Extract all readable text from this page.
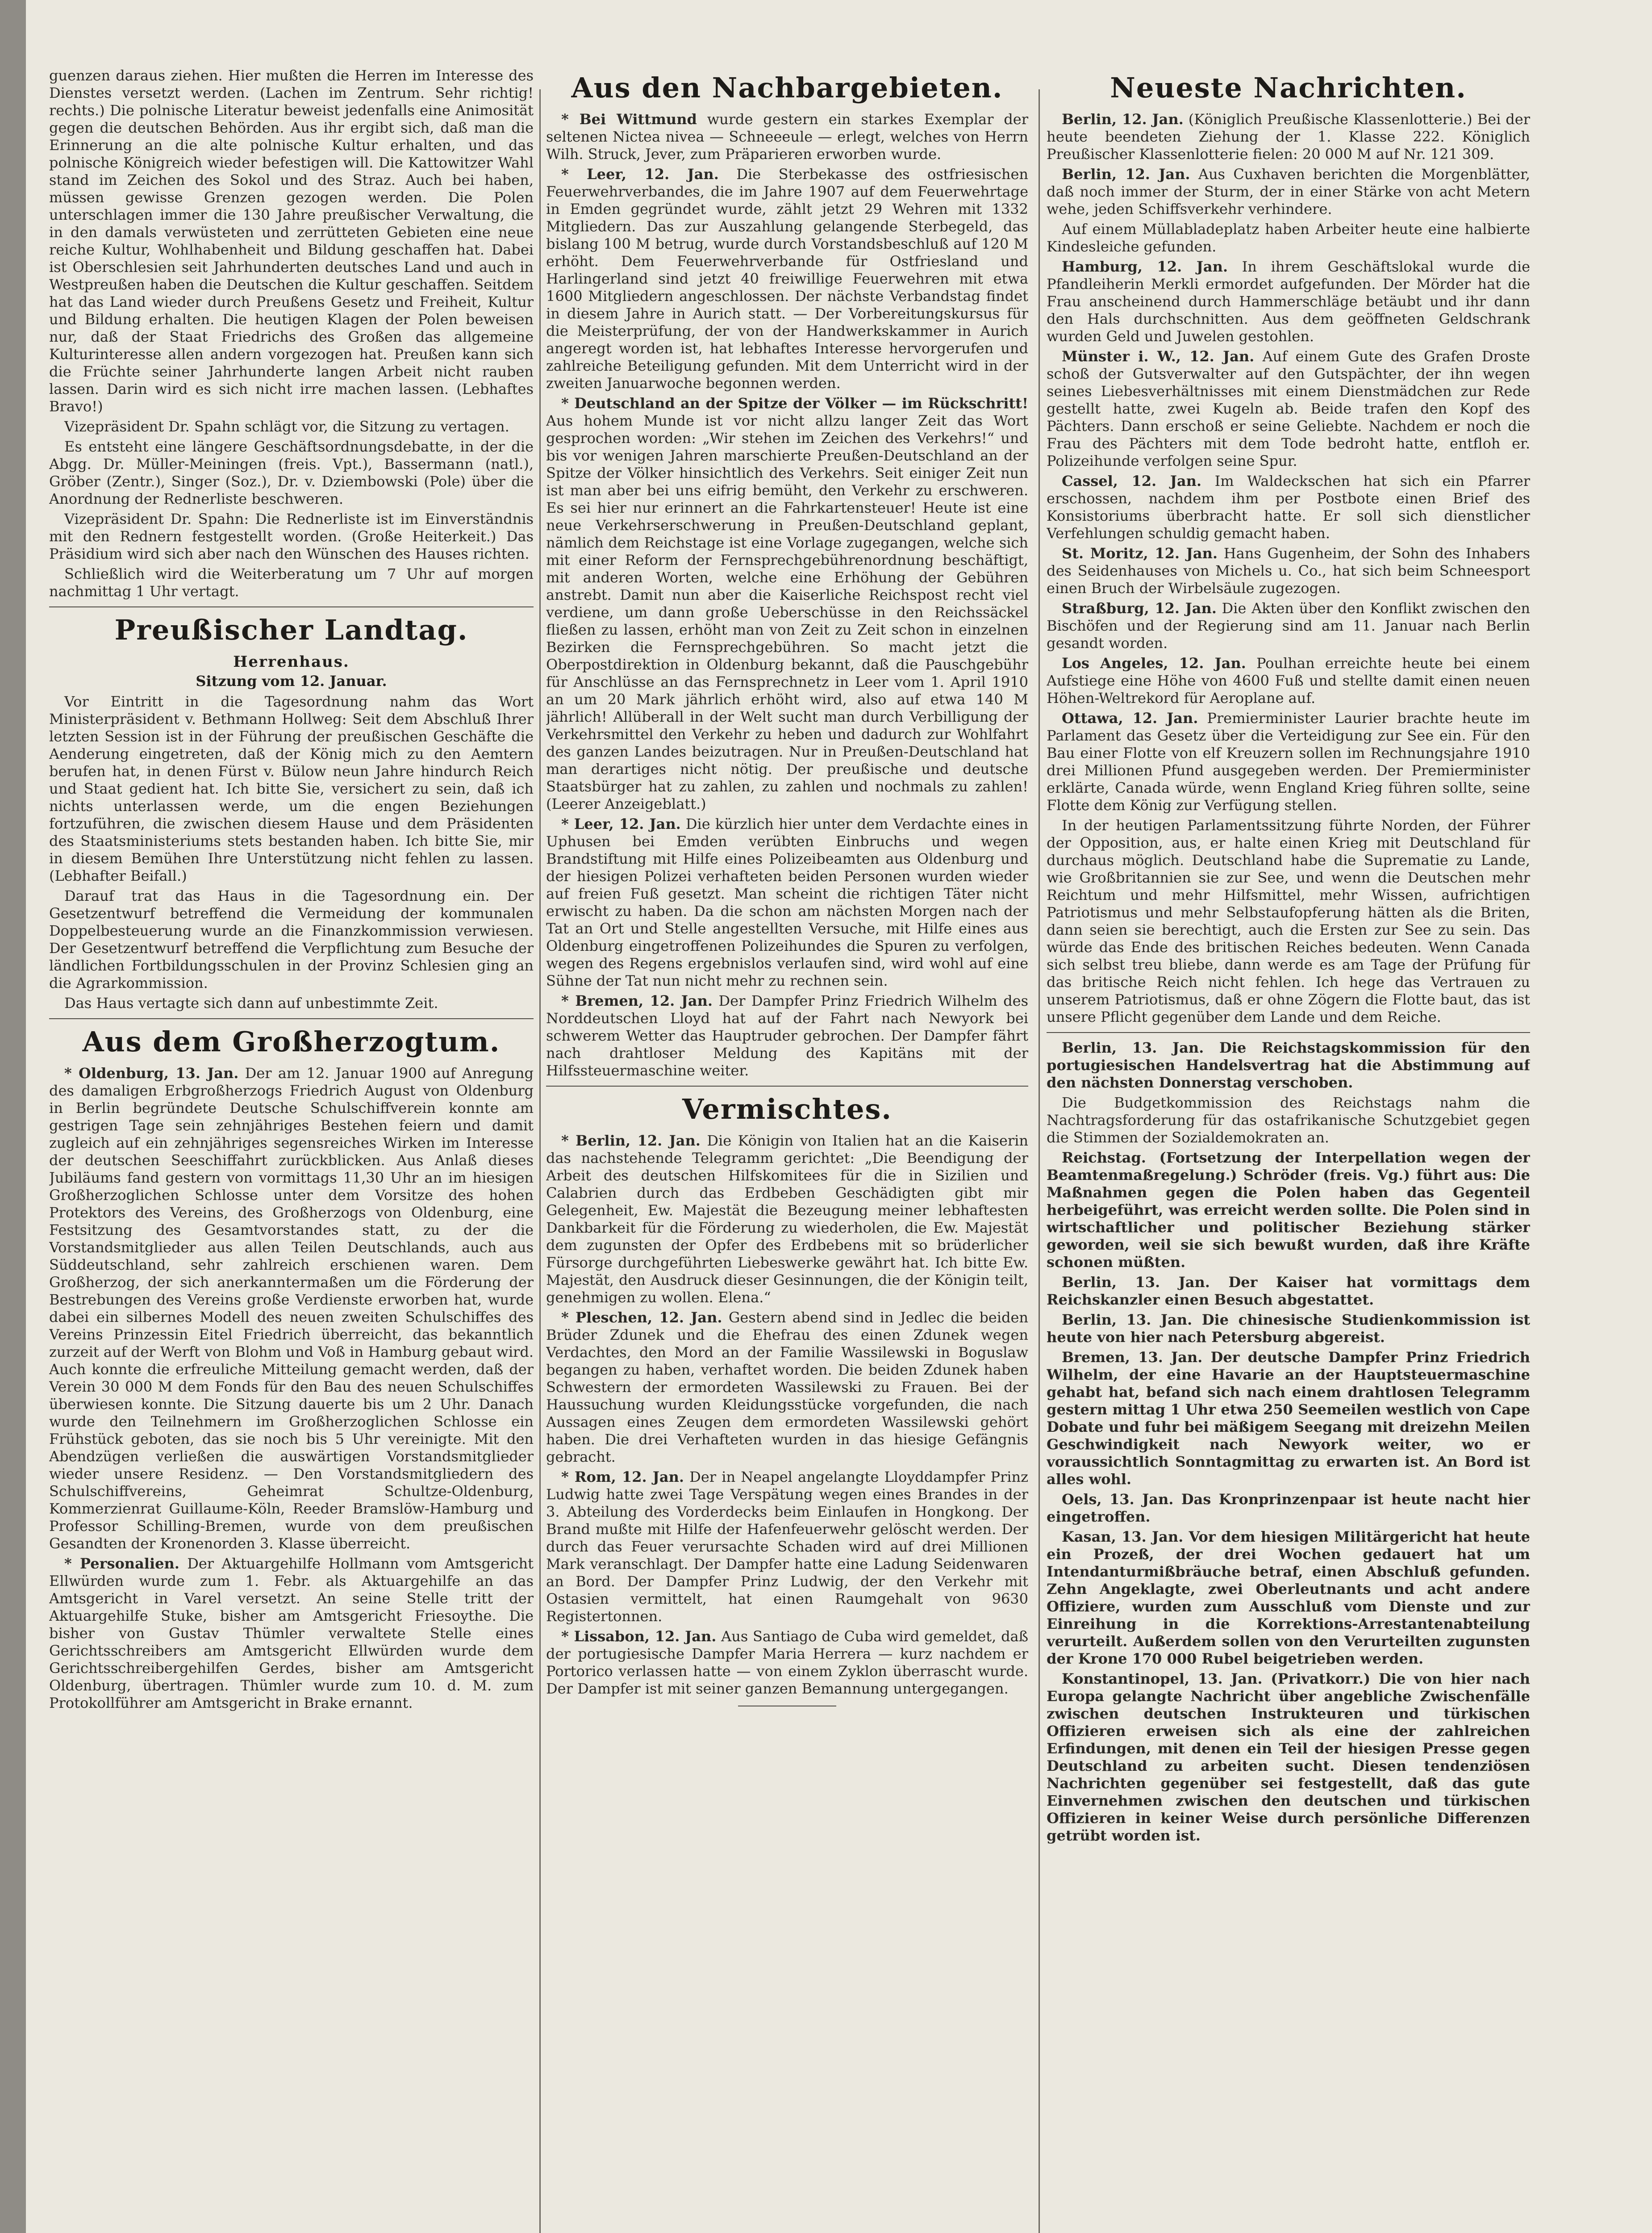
guenzen daraus ziehen. Hier mußten die Herren im Interesse des Dienstes versetzt werden. (Lachen im Zentrum. Sehr richtig! rechts.) Die polnische Literatur beweist jedenfalls eine Animosität gegen die deutschen Behörden. Aus ihr ergibt sich, daß man die Erinnerung an die alte polnische Kultur erhalten, und das polnische Königreich wieder befestigen will. Die Kattowitzer Wahl stand im Zeichen des Sokol und des Straz. Auch bei haben, müssen gewisse Grenzen gezogen werden. Die Polen unterschlagen immer die 130 Jahre preußischer Verwaltung, die in den damals verwüsteten und zerrütteten Gebieten eine neue reiche Kultur, Wohlhabenheit und Bildung geschaffen hat. Dabei ist Oberschlesien seit Jahrhunderten deutsches Land und auch in Westpreußen haben die Deutschen die Kultur geschaffen. Seitdem hat das Land wieder durch Preußens Gesetz und Freiheit, Kultur und Bildung erhalten. Die heutigen Klagen der Polen beweisen nur, daß der Staat Friedrichs des Großen das allgemeine Kulturinteresse allen andern vorgezogen hat. Preußen kann sich die Früchte seiner Jahrhunderte langen Arbeit nicht rauben lassen. Darin wird es sich nicht irre machen lassen. (Lebhaftes Bravo!)

Vizepräsident Dr. Spahn schlägt vor, die Sitzung zu vertagen.

Es entsteht eine längere Geschäftsordnungsdebatte, in der die Abgg. Dr. Müller-Meiningen (freis. Vpt.), Bassermann (natl.), Gröber (Zentr.), Singer (Soz.), Dr. v. Dziembowski (Pole) über die Anordnung der Rednerliste beschweren.

Vizepräsident Dr. Spahn: Die Rednerliste ist im Einverständnis mit den Rednern festgestellt worden. (Große Heiterkeit.) Das Präsidium wird sich aber nach den Wünschen des Hauses richten.

Schließlich wird die Weiterberatung um 7 Uhr auf morgen nachmittag 1 Uhr vertagt.

Preußischer Landtag.
Herrenhaus.
Sitzung vom 12. Januar.

Vor Eintritt in die Tagesordnung nahm das Wort Ministerpräsident v. Bethmann Hollweg: Seit dem Abschluß Ihrer letzten Session ist in der Führung der preußischen Geschäfte die Aenderung eingetreten, daß der König mich zu den Aemtern berufen hat, in denen Fürst v. Bülow neun Jahre hindurch Reich und Staat gedient hat. Ich bitte Sie, versichert zu sein, daß ich nichts unterlassen werde, um die engen Beziehungen fortzuführen, die zwischen diesem Hause und dem Präsidenten des Staatsministeriums stets bestanden haben. Ich bitte Sie, mir in diesem Bemühen Ihre Unterstützung nicht fehlen zu lassen. (Lebhafter Beifall.)

Darauf trat das Haus in die Tagesordnung ein. Der Gesetzentwurf betreffend die Vermeidung der kommunalen Doppelbesteuerung wurde an die Finanzkommission verwiesen. Der Gesetzentwurf betreffend die Verpflichtung zum Besuche der ländlichen Fortbildungsschulen in der Provinz Schlesien ging an die Agrarkommission.

Das Haus vertagte sich dann auf unbestimmte Zeit.

Aus dem Großherzogtum.

* Oldenburg, 13. Jan. Der am 12. Januar 1900 auf Anregung des damaligen Erbgroßherzogs Friedrich August von Oldenburg in Berlin begründete Deutsche Schulschiffverein konnte am gestrigen Tage sein zehnjähriges Bestehen feiern und damit zugleich auf ein zehnjähriges segensreiches Wirken im Interesse der deutschen Seeschiffahrt zurückblicken. Aus Anlaß dieses Jubiläums fand gestern von vormittags 11,30 Uhr an im hiesigen Großherzoglichen Schlosse unter dem Vorsitze des hohen Protektors des Vereins, des Großherzogs von Oldenburg, eine Festsitzung des Gesamtvorstandes statt, zu der die Vorstandsmitglieder aus allen Teilen Deutschlands, auch aus Süddeutschland, sehr zahlreich erschienen waren. Dem Großherzog, der sich anerkanntermaßen um die Förderung der Bestrebungen des Vereins große Verdienste erworben hat, wurde dabei ein silbernes Modell des neuen zweiten Schulschiffes des Vereins Prinzessin Eitel Friedrich überreicht, das bekanntlich zurzeit auf der Werft von Blohm und Voß in Hamburg gebaut wird. Auch konnte die erfreuliche Mitteilung gemacht werden, daß der Verein 30 000 M dem Fonds für den Bau des neuen Schulschiffes überwiesen konnte. Die Sitzung dauerte bis um 2 Uhr. Danach wurde den Teilnehmern im Großherzoglichen Schlosse ein Frühstück geboten, das sie noch bis 5 Uhr vereinigte. Mit den Abendzügen verließen die auswärtigen Vorstandsmitglieder wieder unsere Residenz. — Den Vorstandsmitgliedern des Schulschiffvereins, Geheimrat Schultze-Oldenburg, Kommerzienrat Guillaume-Köln, Reeder Bramslöw-Hamburg und Professor Schilling-Bremen, wurde von dem preußischen Gesandten der Kronenorden 3. Klasse überreicht.

* Personalien. Der Aktuargehilfe Hollmann vom Amtsgericht Ellwürden wurde zum 1. Febr. als Aktuargehilfe an das Amtsgericht in Varel versetzt. An seine Stelle tritt der Aktuargehilfe Stuke, bisher am Amtsgericht Friesoythe. Die bisher von Gustav Thümler verwaltete Stelle eines Gerichtsschreibers am Amtsgericht Ellwürden wurde dem Gerichtsschreibergehilfen Gerdes, bisher am Amtsgericht Oldenburg, übertragen. Thümler wurde zum 10. d. M. zum Protokollführer am Amtsgericht in Brake ernannt.

Aus den Nachbargebieten.

* Bei Wittmund wurde gestern ein starkes Exemplar der seltenen Nictea nivea — Schneeeule — erlegt, welches von Herrn Wilh. Struck, Jever, zum Präparieren erworben wurde.

* Leer, 12. Jan. Die Sterbekasse des ostfriesischen Feuerwehrverbandes, die im Jahre 1907 auf dem Feuerwehrtage in Emden gegründet wurde, zählt jetzt 29 Wehren mit 1332 Mitgliedern. Das zur Auszahlung gelangende Sterbegeld, das bislang 100 M betrug, wurde durch Vorstandsbeschluß auf 120 M erhöht. Dem Feuerwehrverbande für Ostfriesland und Harlingerland sind jetzt 40 freiwillige Feuerwehren mit etwa 1600 Mitgliedern angeschlossen. Der nächste Verbandstag findet in diesem Jahre in Aurich statt. — Der Vorbereitungskursus für die Meisterprüfung, der von der Handwerkskammer in Aurich angeregt worden ist, hat lebhaftes Interesse hervorgerufen und zahlreiche Beteiligung gefunden. Mit dem Unterricht wird in der zweiten Januarwoche begonnen werden.

* Deutschland an der Spitze der Völker — im Rückschritt! Aus hohem Munde ist vor nicht allzu langer Zeit das Wort gesprochen worden: „Wir stehen im Zeichen des Verkehrs!“ und bis vor wenigen Jahren marschierte Preußen-Deutschland an der Spitze der Völker hinsichtlich des Verkehrs. Seit einiger Zeit nun ist man aber bei uns eifrig bemüht, den Verkehr zu erschweren. Es sei hier nur erinnert an die Fahrkartensteuer! Heute ist eine neue Verkehrserschwerung in Preußen-Deutschland geplant, nämlich dem Reichstage ist eine Vorlage zugegangen, welche sich mit einer Reform der Fernsprechgebührenordnung beschäftigt, mit anderen Worten, welche eine Erhöhung der Gebühren anstrebt. Damit nun aber die Kaiserliche Reichspost recht viel verdiene, um dann große Ueberschüsse in den Reichssäckel fließen zu lassen, erhöht man von Zeit zu Zeit schon in einzelnen Bezirken die Fernsprechgebühren. So macht jetzt die Oberpostdirektion in Oldenburg bekannt, daß die Pauschgebühr für Anschlüsse an das Fernsprechnetz in Leer vom 1. April 1910 an um 20 Mark jährlich erhöht wird, also auf etwa 140 M jährlich! Allüberall in der Welt sucht man durch Verbilligung der Verkehrsmittel den Verkehr zu heben und dadurch zur Wohlfahrt des ganzen Landes beizutragen. Nur in Preußen-Deutschland hat man derartiges nicht nötig. Der preußische und deutsche Staatsbürger hat zu zahlen, zu zahlen und nochmals zu zahlen! (Leerer Anzeigeblatt.)

* Leer, 12. Jan. Die kürzlich hier unter dem Verdachte eines in Uphusen bei Emden verübten Einbruchs und wegen Brandstiftung mit Hilfe eines Polizeibeamten aus Oldenburg und der hiesigen Polizei verhafteten beiden Personen wurden wieder auf freien Fuß gesetzt. Man scheint die richtigen Täter nicht erwischt zu haben. Da die schon am nächsten Morgen nach der Tat an Ort und Stelle angestellten Versuche, mit Hilfe eines aus Oldenburg eingetroffenen Polizeihundes die Spuren zu verfolgen, wegen des Regens ergebnislos verlaufen sind, wird wohl auf eine Sühne der Tat nun nicht mehr zu rechnen sein.

* Bremen, 12. Jan. Der Dampfer Prinz Friedrich Wilhelm des Norddeutschen Lloyd hat auf der Fahrt nach Newyork bei schwerem Wetter das Hauptruder gebrochen. Der Dampfer fährt nach drahtloser Meldung des Kapitäns mit der Hilfssteuermaschine weiter.

Vermischtes.

* Berlin, 12. Jan. Die Königin von Italien hat an die Kaiserin das nachstehende Telegramm gerichtet: „Die Beendigung der Arbeit des deutschen Hilfskomitees für die in Sizilien und Calabrien durch das Erdbeben Geschädigten gibt mir Gelegenheit, Ew. Majestät die Bezeugung meiner lebhaftesten Dankbarkeit für die Förderung zu wiederholen, die Ew. Majestät dem zugunsten der Opfer des Erdbebens mit so brüderlicher Fürsorge durchgeführten Liebeswerke gewährt hat. Ich bitte Ew. Majestät, den Ausdruck dieser Gesinnungen, die der Königin teilt, genehmigen zu wollen. Elena.“

* Pleschen, 12. Jan. Gestern abend sind in Jedlec die beiden Brüder Zdunek und die Ehefrau des einen Zdunek wegen Verdachtes, den Mord an der Familie Wassilewski in Boguslaw begangen zu haben, verhaftet worden. Die beiden Zdunek haben Schwestern der ermordeten Wassilewski zu Frauen. Bei der Haussuchung wurden Kleidungsstücke vorgefunden, die nach Aussagen eines Zeugen dem ermordeten Wassilewski gehört haben. Die drei Verhafteten wurden in das hiesige Gefängnis gebracht.

* Rom, 12. Jan. Der in Neapel angelangte Lloyddampfer Prinz Ludwig hatte zwei Tage Verspätung wegen eines Brandes in der 3. Abteilung des Vorderdecks beim Einlaufen in Hongkong. Der Brand mußte mit Hilfe der Hafenfeuerwehr gelöscht werden. Der durch das Feuer verursachte Schaden wird auf drei Millionen Mark veranschlagt. Der Dampfer hatte eine Ladung Seidenwaren an Bord. Der Dampfer Prinz Ludwig, der den Verkehr mit Ostasien vermittelt, hat einen Raumgehalt von 9630 Registertonnen.

* Lissabon, 12. Jan. Aus Santiago de Cuba wird gemeldet, daß der portugiesische Dampfer Maria Herrera — kurz nachdem er Portorico verlassen hatte — von einem Zyklon überrascht wurde. Der Dampfer ist mit seiner ganzen Bemannung untergegangen.

Neueste Nachrichten.

Berlin, 12. Jan. (Königlich Preußische Klassenlotterie.) Bei der heute beendeten Ziehung der 1. Klasse 222. Königlich Preußischer Klassenlotterie fielen: 20 000 M auf Nr. 121 309.

Berlin, 12. Jan. Aus Cuxhaven berichten die Morgenblätter, daß noch immer der Sturm, der in einer Stärke von acht Metern wehe, jeden Schiffsverkehr verhindere.

Auf einem Müllabladeplatz haben Arbeiter heute eine halbierte Kindesleiche gefunden.

Hamburg, 12. Jan. In ihrem Geschäftslokal wurde die Pfandleiherin Merkli ermordet aufgefunden. Der Mörder hat die Frau anscheinend durch Hammerschläge betäubt und ihr dann den Hals durchschnitten. Aus dem geöffneten Geldschrank wurden Geld und Juwelen gestohlen.

Münster i. W., 12. Jan. Auf einem Gute des Grafen Droste schoß der Gutsverwalter auf den Gutspächter, der ihn wegen seines Liebesverhältnisses mit einem Dienstmädchen zur Rede gestellt hatte, zwei Kugeln ab. Beide trafen den Kopf des Pächters. Dann erschoß er seine Geliebte. Nachdem er noch die Frau des Pächters mit dem Tode bedroht hatte, entfloh er. Polizeihunde verfolgen seine Spur.

Cassel, 12. Jan. Im Waldeckschen hat sich ein Pfarrer erschossen, nachdem ihm per Postbote einen Brief des Konsistoriums überbracht hatte. Er soll sich dienstlicher Verfehlungen schuldig gemacht haben.

St. Moritz, 12. Jan. Hans Gugenheim, der Sohn des Inhabers des Seidenhauses von Michels u. Co., hat sich beim Schneesport einen Bruch der Wirbelsäule zugezogen.

Straßburg, 12. Jan. Die Akten über den Konflikt zwischen den Bischöfen und der Regierung sind am 11. Januar nach Berlin gesandt worden.

Los Angeles, 12. Jan. Poulhan erreichte heute bei einem Aufstiege eine Höhe von 4600 Fuß und stellte damit einen neuen Höhen-Weltrekord für Aeroplane auf.

Ottawa, 12. Jan. Premierminister Laurier brachte heute im Parlament das Gesetz über die Verteidigung zur See ein. Für den Bau einer Flotte von elf Kreuzern sollen im Rechnungsjahre 1910 drei Millionen Pfund ausgegeben werden. Der Premierminister erklärte, Canada würde, wenn England Krieg führen sollte, seine Flotte dem König zur Verfügung stellen.

In der heutigen Parlamentssitzung führte Norden, der Führer der Opposition, aus, er halte einen Krieg mit Deutschland für durchaus möglich. Deutschland habe die Suprematie zu Lande, wie Großbritannien sie zur See, und wenn die Deutschen mehr Reichtum und mehr Hilfsmittel, mehr Wissen, aufrichtigen Patriotismus und mehr Selbstaufopferung hätten als die Briten, dann seien sie berechtigt, auch die Ersten zur See zu sein. Das würde das Ende des britischen Reiches bedeuten. Wenn Canada sich selbst treu bliebe, dann werde es am Tage der Prüfung für das britische Reich nicht fehlen. Ich hege das Vertrauen zu unserem Patriotismus, daß er ohne Zögern die Flotte baut, das ist unsere Pflicht gegenüber dem Lande und dem Reiche.

Berlin, 13. Jan. Die Reichstagskommission für den portugiesischen Handelsvertrag hat die Abstimmung auf den nächsten Donnerstag verschoben.

Die Budgetkommission des Reichstags nahm die Nachtragsforderung für das ostafrikanische Schutzgebiet gegen die Stimmen der Sozialdemokraten an.

Reichstag. (Fortsetzung der Interpellation wegen der Beamtenmaßregelung.) Schröder (freis. Vg.) führt aus: Die Maßnahmen gegen die Polen haben das Gegenteil herbeigeführt, was erreicht werden sollte. Die Polen sind in wirtschaftlicher und politischer Beziehung stärker geworden, weil sie sich bewußt wurden, daß ihre Kräfte schonen müßten.

Berlin, 13. Jan. Der Kaiser hat vormittags dem Reichskanzler einen Besuch abgestattet.

Berlin, 13. Jan. Die chinesische Studienkommission ist heute von hier nach Petersburg abgereist.

Bremen, 13. Jan. Der deutsche Dampfer Prinz Friedrich Wilhelm, der eine Havarie an der Hauptsteuermaschine gehabt hat, befand sich nach einem drahtlosen Telegramm gestern mittag 1 Uhr etwa 250 Seemeilen westlich von Cape Dobate und fuhr bei mäßigem Seegang mit dreizehn Meilen Geschwindigkeit nach Newyork weiter, wo er voraussichtlich Sonntagmittag zu erwarten ist. An Bord ist alles wohl.

Oels, 13. Jan. Das Kronprinzenpaar ist heute nacht hier eingetroffen.

Kasan, 13. Jan. Vor dem hiesigen Militärgericht hat heute ein Prozeß, der drei Wochen gedauert hat um Intendanturmißbräuche betraf, einen Abschluß gefunden. Zehn Angeklagte, zwei Oberleutnants und acht andere Offiziere, wurden zum Ausschluß vom Dienste und zur Einreihung in die Korrektions-Arrestantenabteilung verurteilt. Außerdem sollen von den Verurteilten zugunsten der Krone 170 000 Rubel beigetrieben werden.

Konstantinopel, 13. Jan. (Privatkorr.) Die von hier nach Europa gelangte Nachricht über angebliche Zwischenfälle zwischen deutschen Instrukteuren und türkischen Offizieren erweisen sich als eine der zahlreichen Erfindungen, mit denen ein Teil der hiesigen Presse gegen Deutschland zu arbeiten sucht. Diesen tendenziösen Nachrichten gegenüber sei festgestellt, daß das gute Einvernehmen zwischen den deutschen und türkischen Offizieren in keiner Weise durch persönliche Differenzen getrübt worden ist.
